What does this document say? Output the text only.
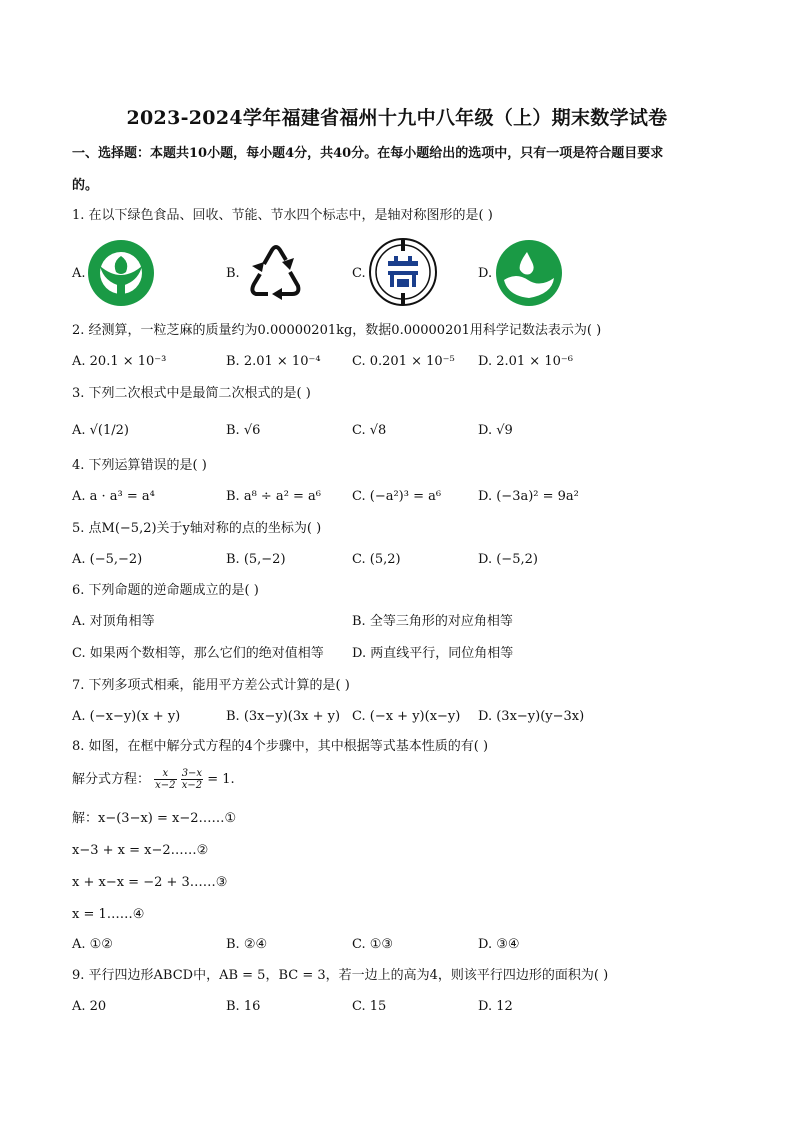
2023-2024学年福建省福州十九中八年级（上）期末数学试卷
一、选择题：本题共10小题，每小题4分，共40分。在每小题给出的选项中，只有一项是符合题目要求
的。
1. 在以下绿色食品、回收、节能、节水四个标志中，是轴对称图形的是( )
A.	B.	C.	D.
2. 经测算，一粒芝麻的质量约为0.00000201kg，数据0.00000201用科学记数法表示为( )
A. 20.1 × 10⁻³	B. 2.01 × 10⁻⁴ C. 0.201 × 10⁻⁵ D. 2.01 × 10⁻⁶
3. 下列二次根式中是最简二次根式的是( )
A. √(1/2)	B. √6	C. √8	D. √9
4. 下列运算错误的是( )
A. a · a³ = a⁴	B. a⁸ ÷ a² = a⁶ C. (−a²)³ = a⁶	D. (−3a)² = 9a²
5. 点M(−5,2)关于y轴对称的点的坐标为( )
A. (−5,−2)	B. (5,−2)	C. (5,2)	D. (−5,2)
6. 下列命题的逆命题成立的是( )
A. 对顶角相等	B. 全等三角形的对应角相等
C. 如果两个数相等，那么它们的绝对值相等 D. 两直线平行，同位角相等
7. 下列多项式相乘，能用平方差公式计算的是( )
A. (−x−y)(x + y)	B. (3x−y)(3x + y) C. (−x + y)(x−y) D. (3x−y)(y−3x)
8. 如图，在框中解分式方程的4个步骤中，其中根据等式基本性质的有( )
解分式方程： $\frac{x}{x-2}$
$\frac{3-x}{x-2} = 1$.
解：x−(3−x) = x−2……①
x−3 + x = x−2……②
x + x−x = −2 + 3……③
x = 1……④
A. ①②	B. ②④	C. ①③	D. ③④
9. 平行四边形ABCD中，AB = 5，BC = 3，若一边上的高为4，则该平行四边形的面积为( )
A. 20	B. 16	C. 15	D. 12
